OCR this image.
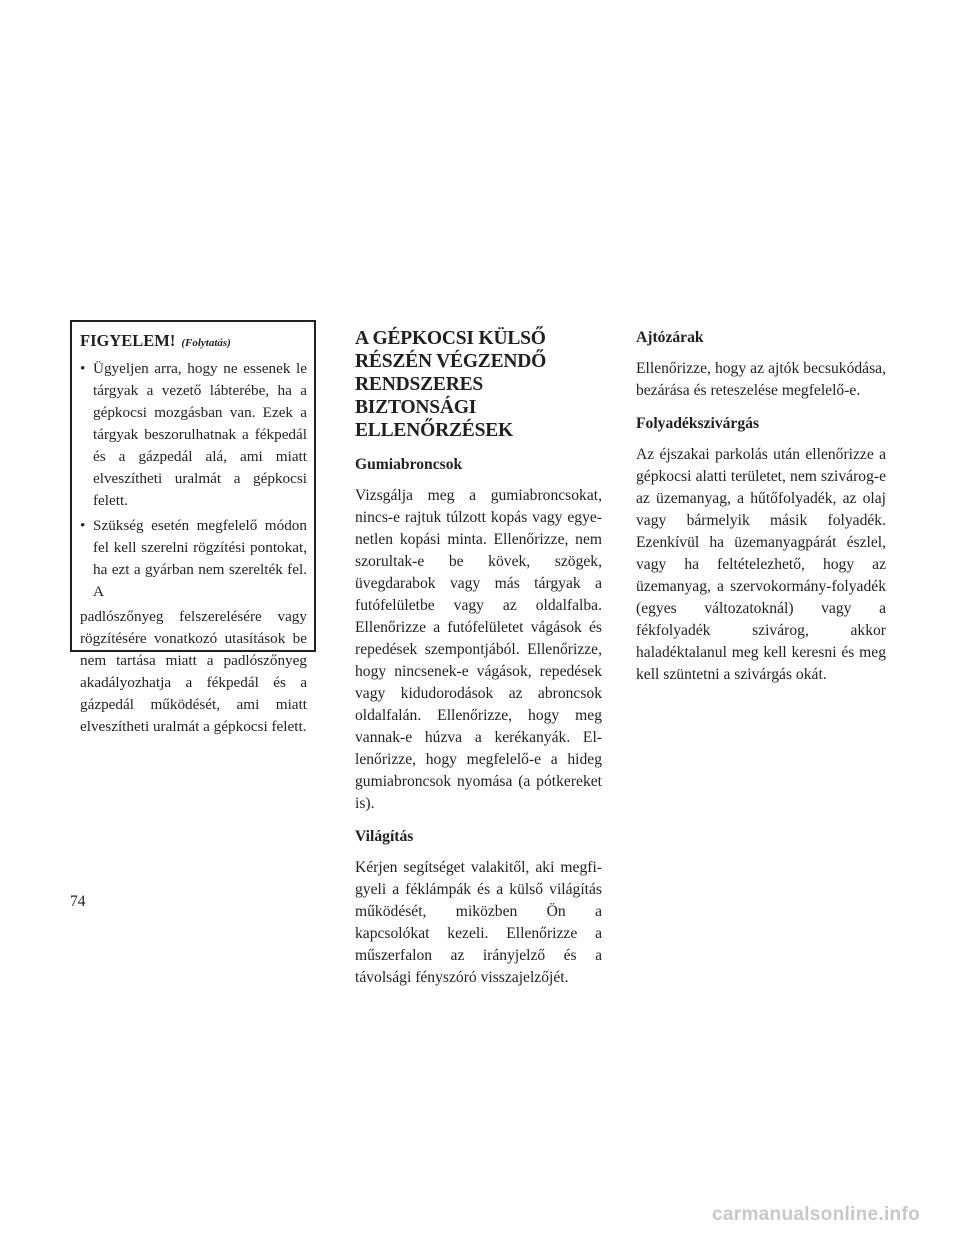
FIGYELEM! (Folytatás)

• Ügyeljen arra, hogy ne essenek le tárgyak a vezető lábterébe, ha a gépkocsi mozgásban van. Ezek a tárgyak beszorulhatnak a fékpedál és a gázpedál alá, ami miatt elveszítheti uralmát a gépkocsi felett.

• Szükség esetén megfelelő módon fel kell szerelni rögzítési pontokat, ha ezt a gyárban nem szerelték fel. A

padlószőnyeg felszerelésére vagy rögzítésére vonatkozó utasítások be nem tartása miatt a padlószőnyeg akadályozhatja a fékpedál és a gázpedál működését, ami miatt elveszítheti uralmát a gépkocsi felett.

A GÉPKOCSI KÜLSŐ
RÉSZÉN VÉGZENDŐ
RENDSZERES
BIZTONSÁGI
ELLENŐRZÉSEK
Gumiabroncsok

Vizsgálja meg a gumiabroncsokat, nincs-e rajtuk túlzott kopás vagy egyenetlen kopási minta. Ellenőrizze, nem szorultak-e be kövek, szögek, üvegdarabok vagy más tárgyak a futófelületbe vagy az oldalfalba. Ellenőrizze a futófelületet vágások és repedések szempontjából. Ellenőrizze, hogy nincsenek-e vágások, repedések vagy kidudorodások az abroncsok oldalfalán. Ellenőrizze, hogy meg vannak-e húzva a kerékanyák. Ellenőrizze, hogy megfelelő-e a hideg gumiabroncsok nyomása (a pótkereket is).

Világítás

Kérjen segítséget valakitől, aki megfigyeli a féklámpák és a külső világítás működését, miközben Ön a kapcsolókat kezeli. Ellenőrizze a műszerfalon az irányjelző és a távolsági fényszóró visszajelzőjét.

Ajtózárak

Ellenőrizze, hogy az ajtók becsukódása, bezárása és reteszelése megfelelő-e.

Folyadékszivárgás

Az éjszakai parkolás után ellenőrizze a gépkocsi alatti területet, nem szivárog-e az üzemanyag, a hűtőfolyadék, az olaj vagy bármelyik másik folyadék. Ezenkívül ha üzemanyagpárát észlel, vagy ha feltételezhető, hogy az üzemanyag, a szervokormány-folyadék (egyes változatoknál) vagy a fékfolyadék szivárog, akkor haladéktalanul meg kell keresni és meg kell szüntetni a szivárgás okát.

74
carmanualsonline.info
